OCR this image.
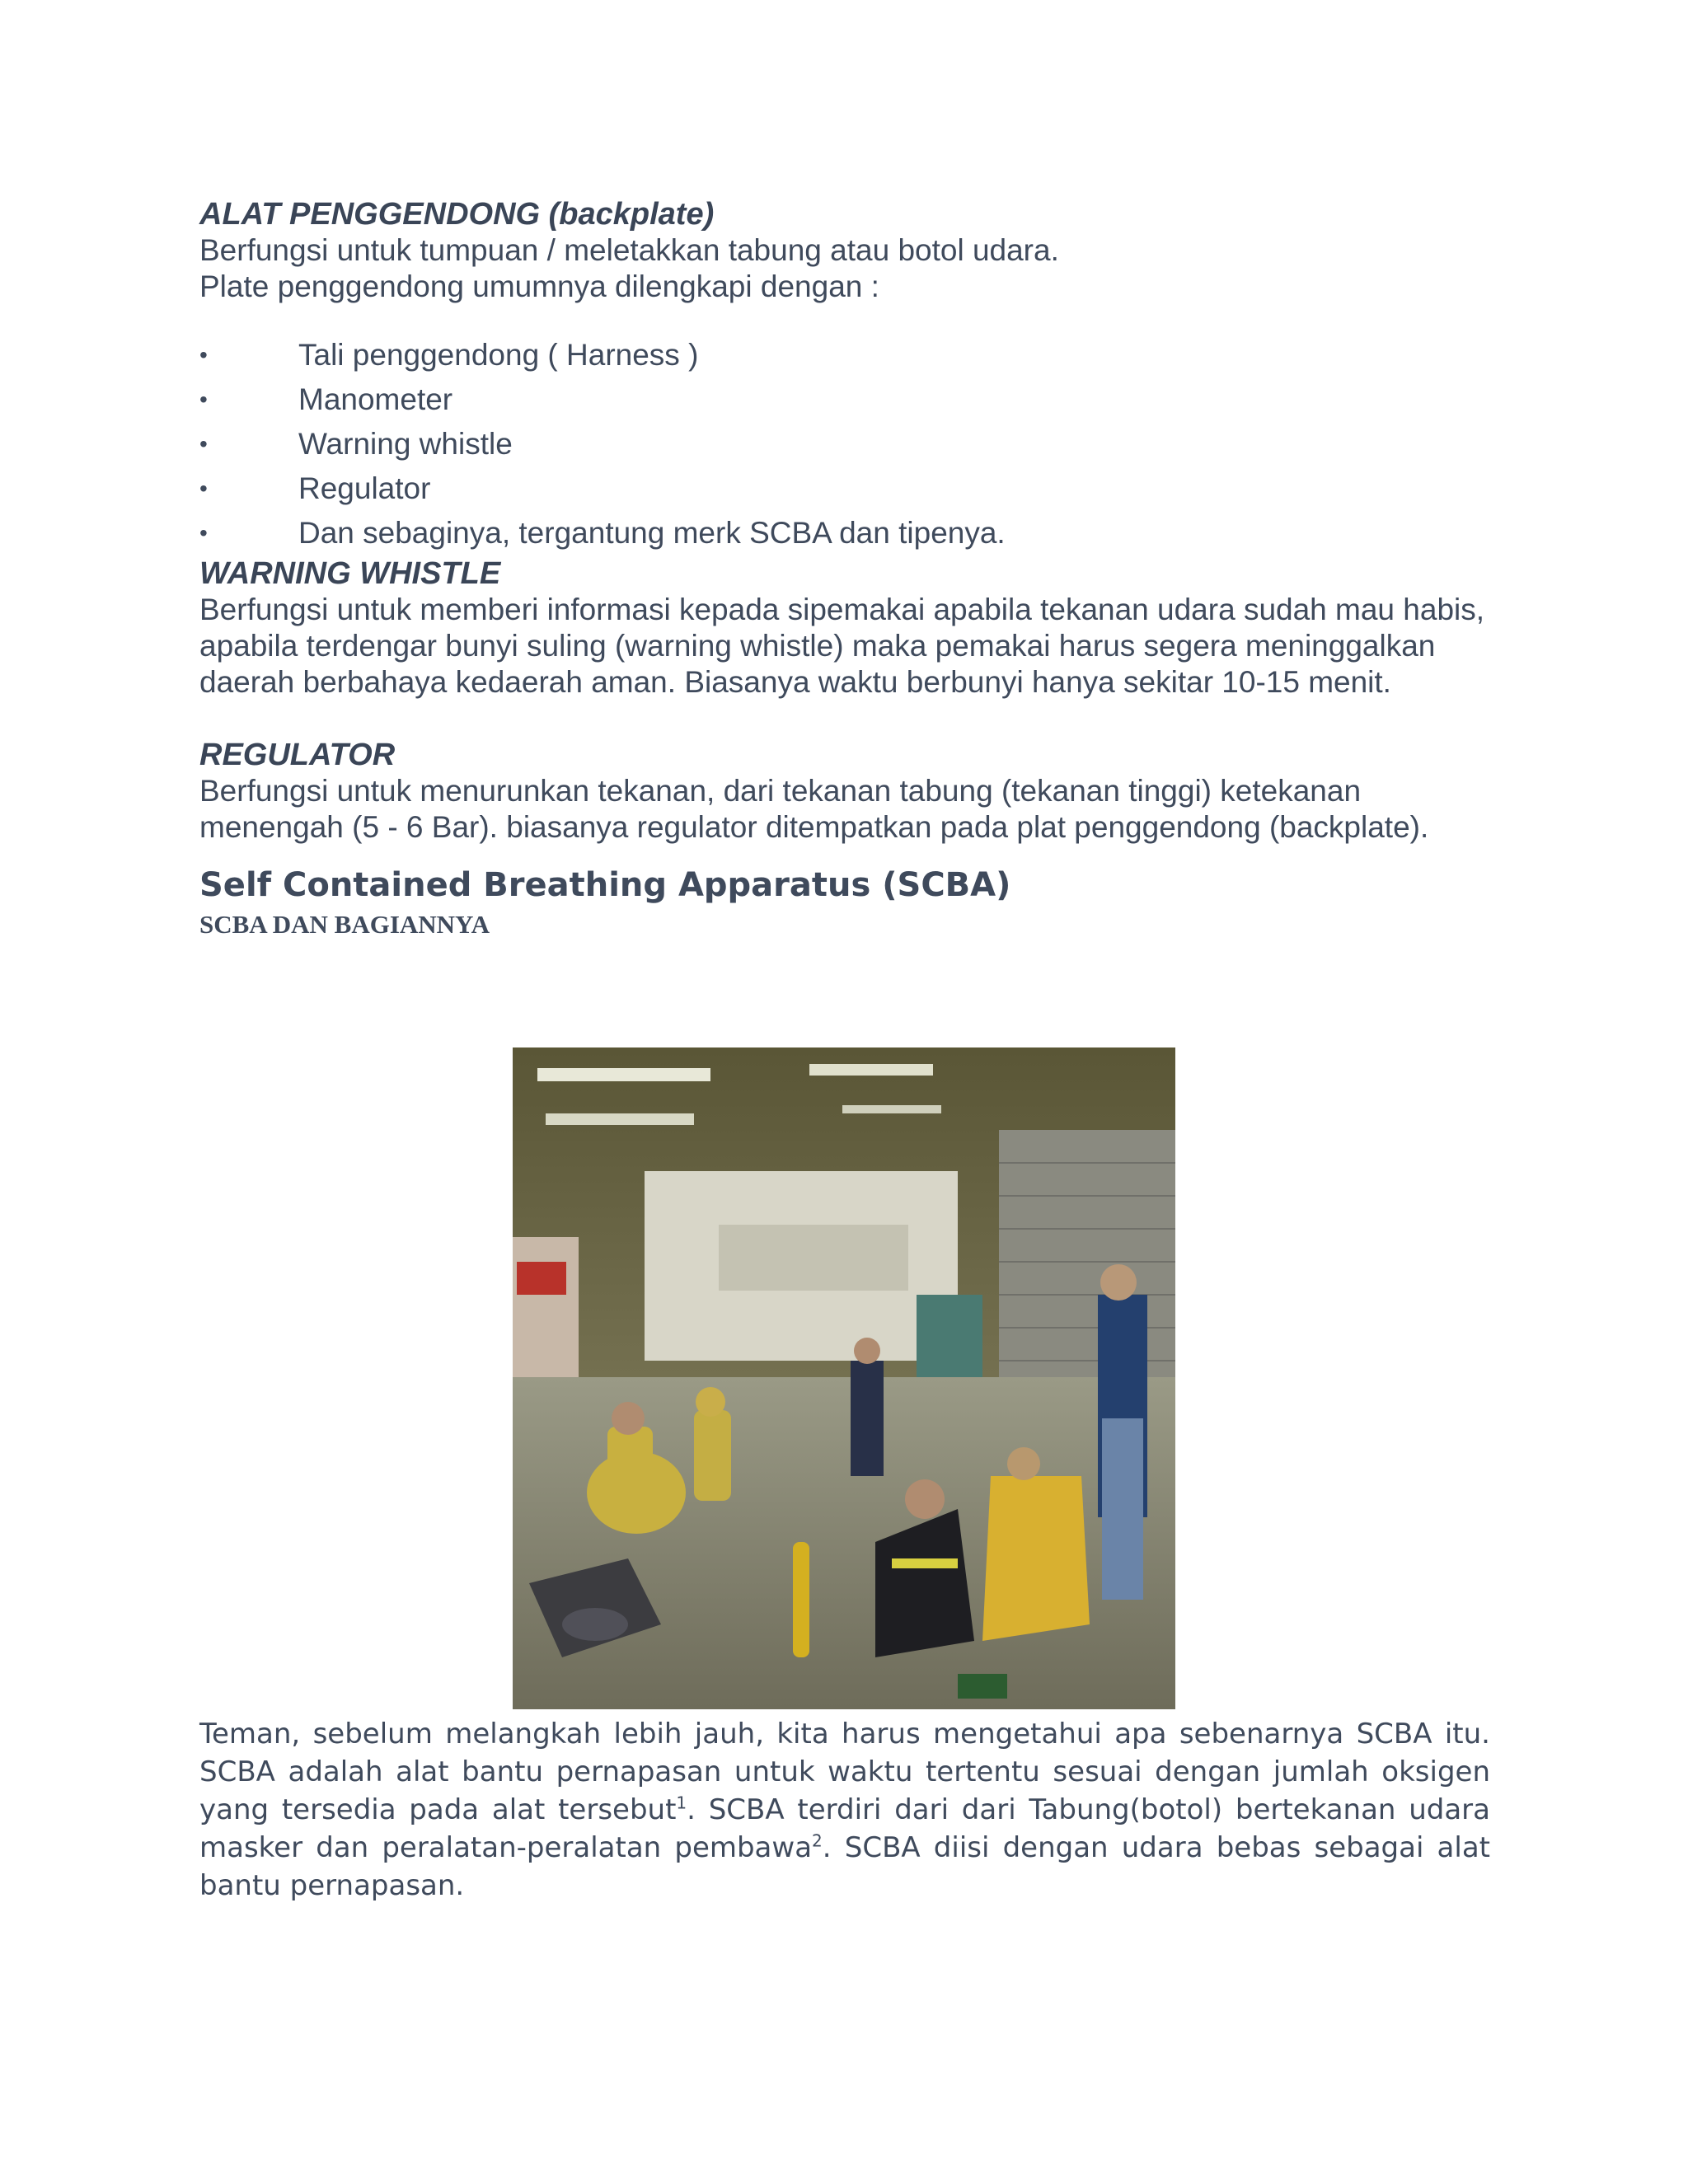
ALAT PENGGENDONG (backplate)

Berfungsi untuk tumpuan / meletakkan tabung atau botol udara.

Plate penggendong umumnya dilengkapi dengan :

•	Tali penggendong ( Harness )
•	Manometer
•	Warning whistle
•	Regulator
•	Dan sebaginya, tergantung merk SCBA dan tipenya.

WARNING WHISTLE

Berfungsi untuk memberi informasi kepada sipemakai apabila tekanan udara sudah mau habis, apabila terdengar bunyi suling (warning whistle) maka pemakai harus segera meninggalkan daerah berbahaya kedaerah aman. Biasanya waktu berbunyi hanya sekitar 10-15 menit.

REGULATOR

Berfungsi untuk menurunkan tekanan, dari tekanan tabung (tekanan tinggi) ketekanan menengah (5 - 6 Bar). biasanya regulator ditempatkan pada plat penggendong (backplate).

Self Contained Breathing Apparatus (SCBA)

SCBA DAN BAGIANNYA

Teman, sebelum melangkah lebih jauh, kita harus mengetahui apa sebenarnya SCBA itu. SCBA adalah alat bantu pernapasan untuk waktu tertentu sesuai dengan jumlah oksigen yang tersedia pada alat tersebut$^1$. SCBA terdiri dari dari Tabung(botol) bertekanan udara masker dan peralatan-peralatan pembawa$^2$. SCBA diisi dengan udara bebas sebagai alat bantu pernapasan.
